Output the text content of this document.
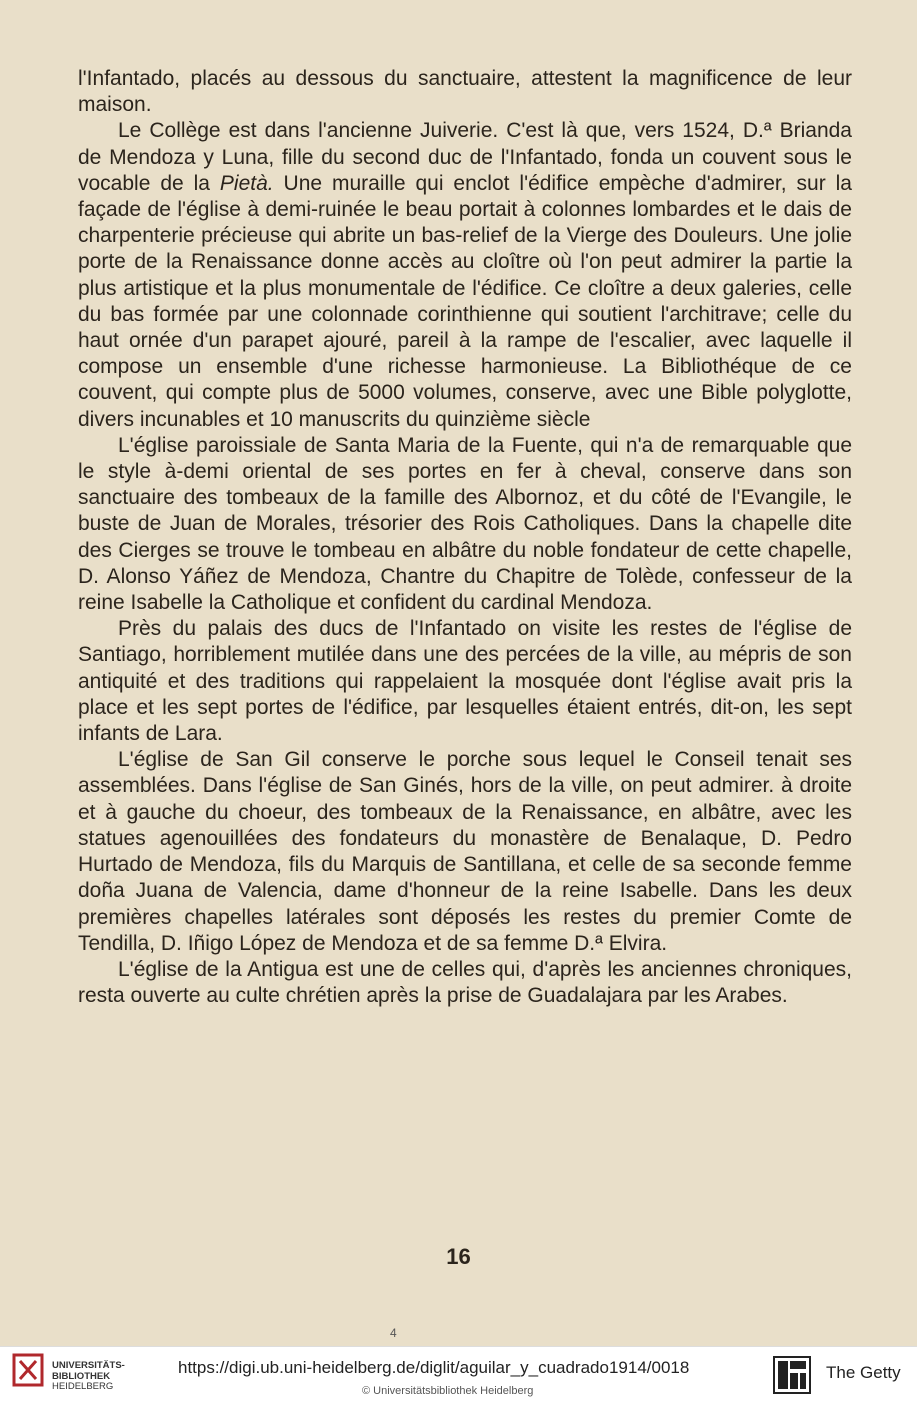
l'Infantado, placés au dessous du sanctuaire, attestent la magnificence de leur maison.

Le Collège est dans l'ancienne Juiverie. C'est là que, vers 1524, D.ª Brianda de Mendoza y Luna, fille du second duc de l'Infantado, fonda un couvent sous le vocable de la Pietà. Une muraille qui enclot l'édifice empèche d'admirer, sur la façade de l'église à demi-ruinée le beau portait à colonnes lombardes et le dais de charpenterie précieuse qui abrite un bas-relief de la Vierge des Douleurs. Une jolie porte de la Renaissance donne accès au cloître où l'on peut admirer la partie la plus artistique et la plus monumentale de l'édifice. Ce cloître a deux galeries, celle du bas formée par une colonnade corinthienne qui soutient l'architrave; celle du haut ornée d'un parapet ajouré, pareil à la rampe de l'escalier, avec laquelle il compose un ensemble d'une richesse harmonieuse. La Bibliothéque de ce couvent, qui compte plus de 5000 volumes, conserve, avec une Bible polyglotte, divers incunables et 10 manuscrits du quinzième siècle

L'église paroissiale de Santa Maria de la Fuente, qui n'a de remarquable que le style à-demi oriental de ses portes en fer à cheval, conserve dans son sanctuaire des tombeaux de la famille des Albornoz, et du côté de l'Evangile, le buste de Juan de Morales, trésorier des Rois Catholiques. Dans la chapelle dite des Cierges se trouve le tombeau en albâtre du noble fondateur de cette chapelle, D. Alonso Yáñez de Mendoza, Chantre du Chapitre de Tolède, confesseur de la reine Isabelle la Catholique et confident du cardinal Mendoza.

Près du palais des ducs de l'Infantado on visite les restes de l'église de Santiago, horriblement mutilée dans une des percées de la ville, au mépris de son antiquité et des traditions qui rappelaient la mosquée dont l'église avait pris la place et les sept portes de l'édifice, par lesquelles étaient entrés, dit-on, les sept infants de Lara.

L'église de San Gil conserve le porche sous lequel le Conseil tenait ses assemblées. Dans l'église de San Ginés, hors de la ville, on peut admirer. à droite et à gauche du choeur, des tombeaux de la Renaissance, en albâtre, avec les statues agenouillées des fondateurs du monastère de Benalaque, D. Pedro Hurtado de Mendoza, fils du Marquis de Santillana, et celle de sa seconde femme doña Juana de Valencia, dame d'honneur de la reine Isabelle. Dans les deux premières chapelles latérales sont déposés les restes du premier Comte de Tendilla, D. Iñigo López de Mendoza et de sa femme D.ª Elvira.

L'église de la Antigua est une de celles qui, d'après les anciennes chroniques, resta ouverte au culte chrétien après la prise de Guadalajara par les Arabes.

16
4
UNIVERSITÄTS-
BIBLIOTHEK
HEIDELBERG
https://digi.ub.uni-heidelberg.de/diglit/aguilar_y_cuadrado1914/0018
© Universitätsbibliothek Heidelberg
The Getty
